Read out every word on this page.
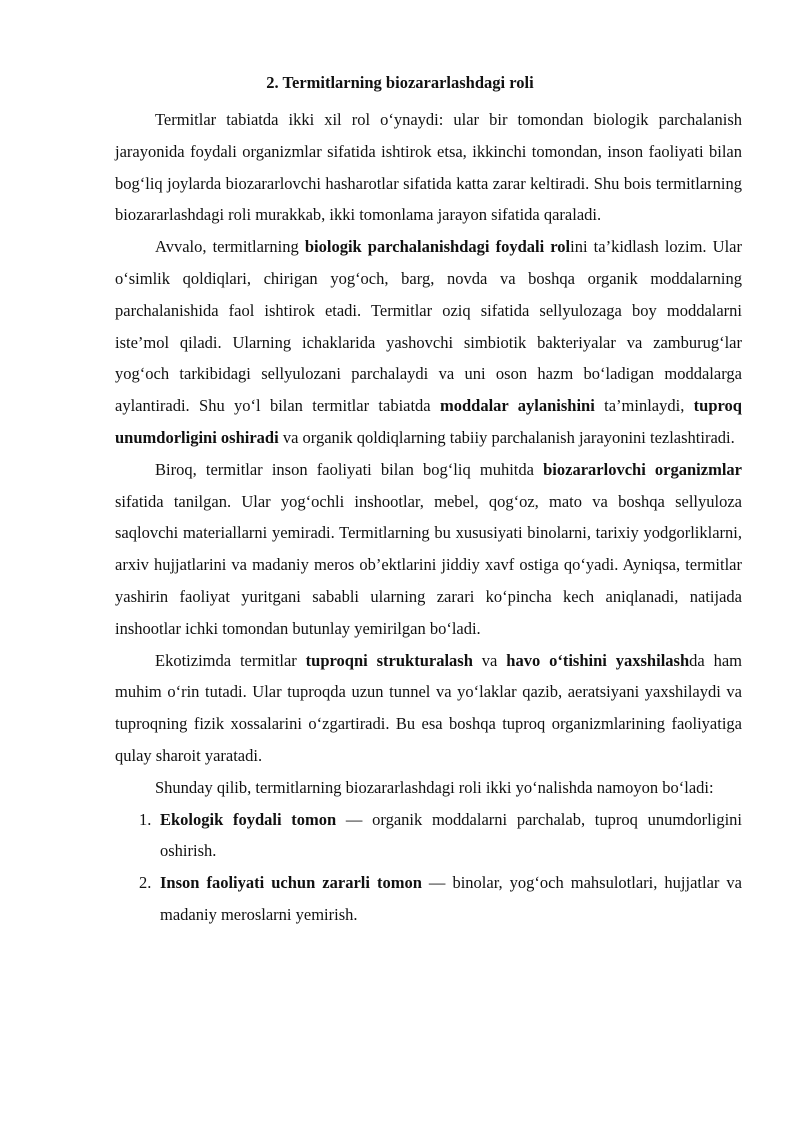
2. Termitlarning biozararlashdagi roli

Termitlar tabiatda ikki xil rol o‘ynaydi: ular bir tomondan biologik parchalanish jarayonida foydali organizmlar sifatida ishtirok etsa, ikkinchi tomondan, inson faoliyati bilan bog‘liq joylarda biozararlovchi hasharotlar sifatida katta zarar keltiradi. Shu bois termitlarning biozararlashdagi roli murakkab, ikki tomonlama jarayon sifatida qaraladi.

Avvalo, termitlarning biologik parchalanishdagi foydali rolini ta’kidlash lozim. Ular o‘simlik qoldiqlari, chirigan yog‘och, barg, novda va boshqa organik moddalarning parchalanishida faol ishtirok etadi. Termitlar oziq sifatida sellyulozaga boy moddalarni iste’mol qiladi. Ularning ichaklarida yashovchi simbiotik bakteriyalar va zamburug‘lar yog‘och tarkibidagi sellyulozani parchalaydi va uni oson hazm bo‘ladigan moddalarga aylantiradi. Shu yo‘l bilan termitlar tabiatda moddalar aylanishini ta’minlaydi, tuproq unumdorligini oshiradi va organik qoldiqlarning tabiiy parchalanish jarayonini tezlashtiradi.

Biroq, termitlar inson faoliyati bilan bog‘liq muhitda biozararlovchi organizmlar sifatida tanilgan. Ular yog‘ochli inshootlar, mebel, qog‘oz, mato va boshqa sellyuloza saqlovchi materiallarni yemiradi. Termitlarning bu xususiyati binolarni, tarixiy yodgorliklarni, arxiv hujjatlarini va madaniy meros ob’ektlarini jiddiy xavf ostiga qo‘yadi. Ayniqsa, termitlar yashirin faoliyat yuritgani sababli ularning zarari ko‘pincha kech aniqlanadi, natijada inshootlar ichki tomondan butunlay yemirilgan bo‘ladi.

Ekotizimda termitlar tuproqni strukturalash va havo o‘tishini yaxshilashda ham muhim o‘rin tutadi. Ular tuproqda uzun tunnel va yo‘laklar qazib, aeratsiyani yaxshilaydi va tuproqning fizik xossalarini o‘zgartiradi. Bu esa boshqa tuproq organizmlarining faoliyatiga qulay sharoit yaratadi.

Shunday qilib, termitlarning biozararlashdagi roli ikki yo‘nalishda namoyon bo‘ladi:

1. Ekologik foydali tomon — organik moddalarni parchalab, tuproq unumdorligini oshirish.
2. Inson faoliyati uchun zararli tomon — binolar, yog‘och mahsulotlari, hujjatlar va madaniy meroslarni yemirish.
